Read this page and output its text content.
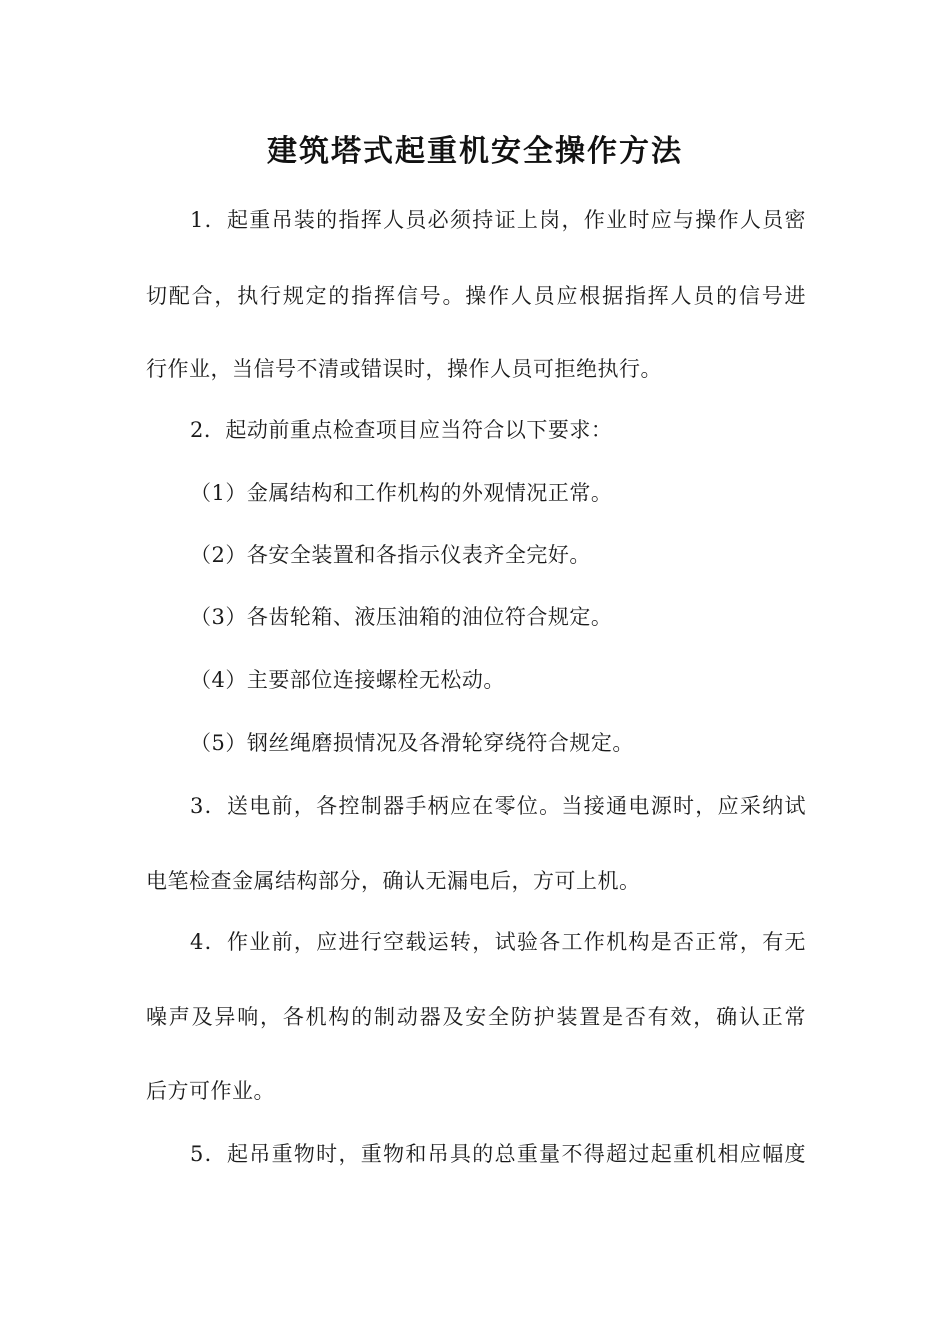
建筑塔式起重机安全操作方法
1．起重吊装的指挥人员必须持证上岗，作业时应与操作人员密
切配合，执行规定的指挥信号。操作人员应根据指挥人员的信号进
行作业，当信号不清或错误时，操作人员可拒绝执行。
2．起动前重点检查项目应当符合以下要求：
（1）金属结构和工作机构的外观情况正常。
（2）各安全装置和各指示仪表齐全完好。
（3）各齿轮箱、液压油箱的油位符合规定。
（4）主要部位连接螺栓无松动。
（5）钢丝绳磨损情况及各滑轮穿绕符合规定。
3．送电前，各控制器手柄应在零位。当接通电源时，应采纳试
电笔检查金属结构部分，确认无漏电后，方可上机。
4．作业前，应进行空载运转，试验各工作机构是否正常，有无
噪声及异响，各机构的制动器及安全防护装置是否有效，确认正常
后方可作业。
5．起吊重物时，重物和吊具的总重量不得超过起重机相应幅度
